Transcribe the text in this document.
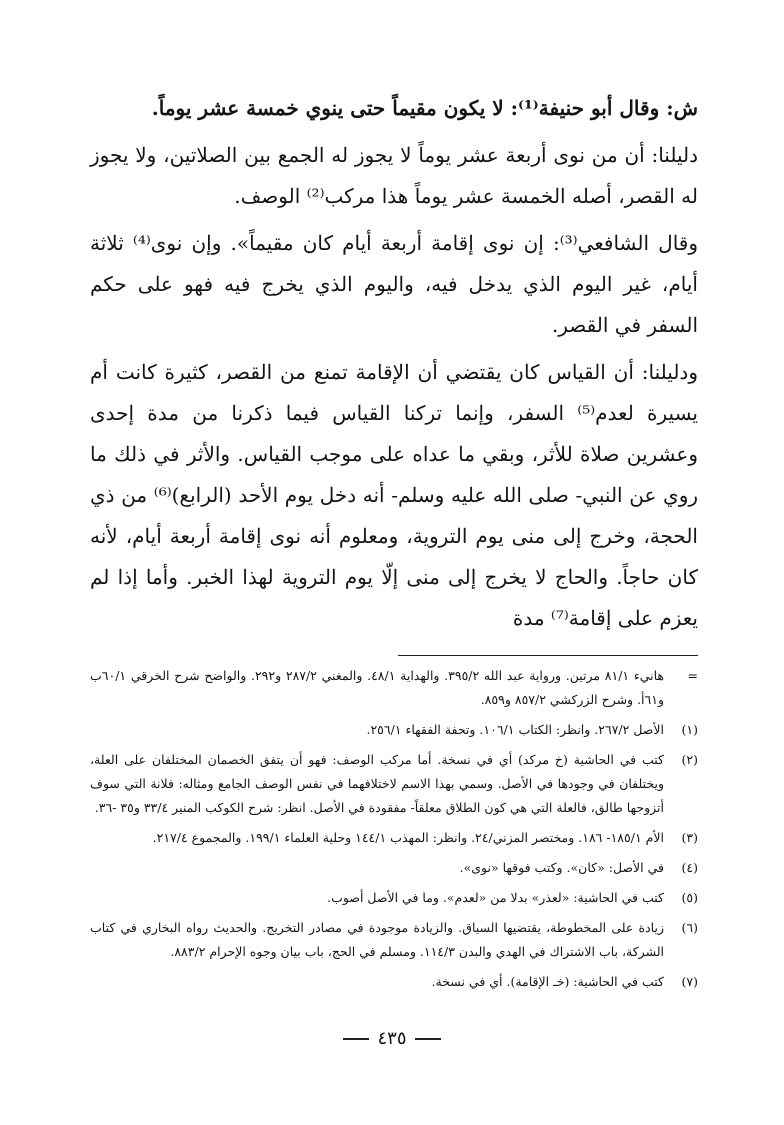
ش: وقال أبو حنيفة⁽¹⁾: لا يكون مقيماً حتى ينوي خمسة عشر يوماً.

دليلنا: أن من نوى أربعة عشر يوماً لا يجوز له الجمع بين الصلاتين، ولا يجوز له القصر، أصله الخمسة عشر يوماً هذا مركب⁽²⁾ الوصف.

وقال الشافعي⁽³⁾: إن نوى إقامة أربعة أيام كان مقيماً». وإن نوى⁽⁴⁾ ثلاثة أيام، غير اليوم الذي يدخل فيه، واليوم الذي يخرج فيه فهو على حكم السفر في القصر.

ودليلنا: أن القياس كان يقتضي أن الإقامة تمنع من القصر، كثيرة كانت أم يسيرة لعدم⁽⁵⁾ السفر، وإنما تركنا القياس فيما ذكرنا من مدة إحدى وعشرين صلاة للأثر، وبقي ما عداه على موجب القياس. والأثر في ذلك ما روي عن النبي- صلى الله عليه وسلم- أنه دخل يوم الأحد (الرابع)⁽⁶⁾ من ذي الحجة، وخرج إلى منى يوم التروية، ومعلوم أنه نوى إقامة أربعة أيام، لأنه كان حاجاً. والحاج لا يخرج إلى منى إلّا يوم التروية لهذا الخبر. وأما إذا لم يعزم على إقامة⁽⁷⁾ مدة

=
هانيء ٨١/١ مرتين. ورواية عبد الله ٣٩٥/٢. والهداية ٤٨/١. والمغني ٢٨٧/٢ و٢٩٢. والواضح شرح الخرقي ٦٠/١ب و٦١أ. وشرح الزركشي ٨٥٧/٢ و٨٥٩.
(١)
الأصل ٢٦٧/٢. وانظر: الكتاب ١٠٦/١. وتحفة الفقهاء ٢٥٦/١.
(٢)
كتب في الحاشية (خ مركد) أي في نسخة. أما مركب الوصف: فهو أن يتفق الخصمان المختلفان على العلة، ويختلفان في وجودها في الأصل. وسمي بهذا الاسم لاختلافهما في نفس الوصف الجامع ومثاله: فلانة التي سوف أتزوجها طالق، فالعلة التي هي كون الطلاق معلقاً- مفقودة في الأصل. انظر: شرح الكوكب المنير ٣٣/٤ و٣٥ -٣٦.
(٣)
الأم ١٨٥/١- ١٨٦. ومختصر المزني/٢٤. وانظر: المهذب ١٤٤/١ وحلية العلماء ١٩٩/١. والمجموع ٢١٧/٤.
(٤)
في الأصل: «كان». وكتب فوقها «نوى».
(٥)
كتب في الحاشية: «لعذر» بدلا من «لعدم». وما في الأصل أصوب.
(٦)
زيادة على المخطوطة، يقتضيها السياق. والزيادة موجودة في مصادر التخريج. والحديث رواه البخاري في كتاب الشركة، باب الاشتراك في الهدي والبدن ١١٤/٣. ومسلم في الحج، باب بيان وجوه الإحرام ٨٨٣/٢.
(٧)
كتب في الحاشية: (خـ الإقامة). أي في نسخة.
٤٣٥
